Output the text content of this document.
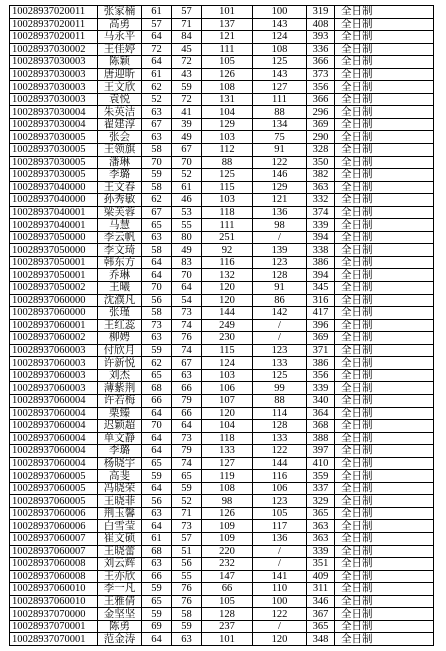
10028937020011	张家楠	61	57	101	100	319	全日制
10028937020011	高勇	57	71	137	143	408	全日制
10028937020011	马永平	64	84	121	124	393	全日制
10028937030002	王佳婷	72	45	111	108	336	全日制
10028937030003	陈颖	64	72	105	125	366	全日制
10028937030003	唐迎昕	61	43	126	143	373	全日制
10028937030003	王文欣	62	59	108	127	356	全日制
10028937030003	袁悦	52	72	131	111	366	全日制
10028937030004	朱英洁	63	41	104	88	296	全日制
10028937030004	翟建淳	67	39	129	134	369	全日制
10028937030005	张会	63	49	103	75	290	全日制
10028937030005	王领旗	58	67	112	91	328	全日制
10028937030005	潘琳	70	70	88	122	350	全日制
10028937030005	李璐	59	52	125	146	382	全日制
10028937040000	王文春	58	61	115	129	363	全日制
10028937040000	孙秀敏	62	46	103	121	332	全日制
10028937040001	梁芙蓉	67	53	118	136	374	全日制
10028937040001	马慧	65	55	111	98	339	全日制
10028937050000	李云帆	63	80	251	/	394	全日制
10028937050000	李文琦	58	49	92	139	338	全日制
10028937050001	韩东方	64	83	116	123	386	全日制
10028937050001	乔琳	64	70	132	128	394	全日制
10028937050002	王曦	70	64	120	91	345	全日制
10028937060000	沈濮凡	56	54	120	86	316	全日制
10028937060000	张瑾	58	73	144	142	417	全日制
10028937060001	王红蕊	73	74	249	/	396	全日制
10028937060002	柳娉	63	76	230	/	369	全日制
10028937060003	付欣月	59	74	115	123	371	全日制
10028937060003	许新悦	62	67	124	133	386	全日制
10028937060003	刘杰	65	63	103	125	356	全日制
10028937060003	薄紫荆	68	66	106	99	339	全日制
10028937060004	许若梅	66	79	107	88	340	全日制
10028937060004	栗臻	64	66	120	114	364	全日制
10028937060004	迟颖超	70	64	104	128	368	全日制
10028937060004	单文静	64	73	118	133	388	全日制
10028937060004	李璐	64	79	133	122	397	全日制
10028937060004	杨晓宇	65	74	127	144	410	全日制
10028937060005	高斐	59	65	119	116	359	全日制
10028937060005	冯晓荣	64	59	108	106	337	全日制
10028937060005	王晓菲	56	52	98	123	329	全日制
10028937060006	荆玉馨	63	71	126	105	365	全日制
10028937060006	白雪莹	64	73	109	117	363	全日制
10028937060007	崔文硕	61	57	109	136	363	全日制
10028937060007	王晓蕾	68	51	220	/	339	全日制
10028937060008	刘云辉	63	56	232	/	351	全日制
10028937060008	王亦欣	66	55	147	141	409	全日制
10028937060010	李一凡	59	76	66	110	311	全日制
10028937060010	王雅倩	65	76	105	100	346	全日制
10028937070000	金坚坚	59	58	128	122	367	全日制
10028937070001	陈勇	69	59	237	/	365	全日制
10028937070001	范金涛	64	63	101	120	348	全日制
